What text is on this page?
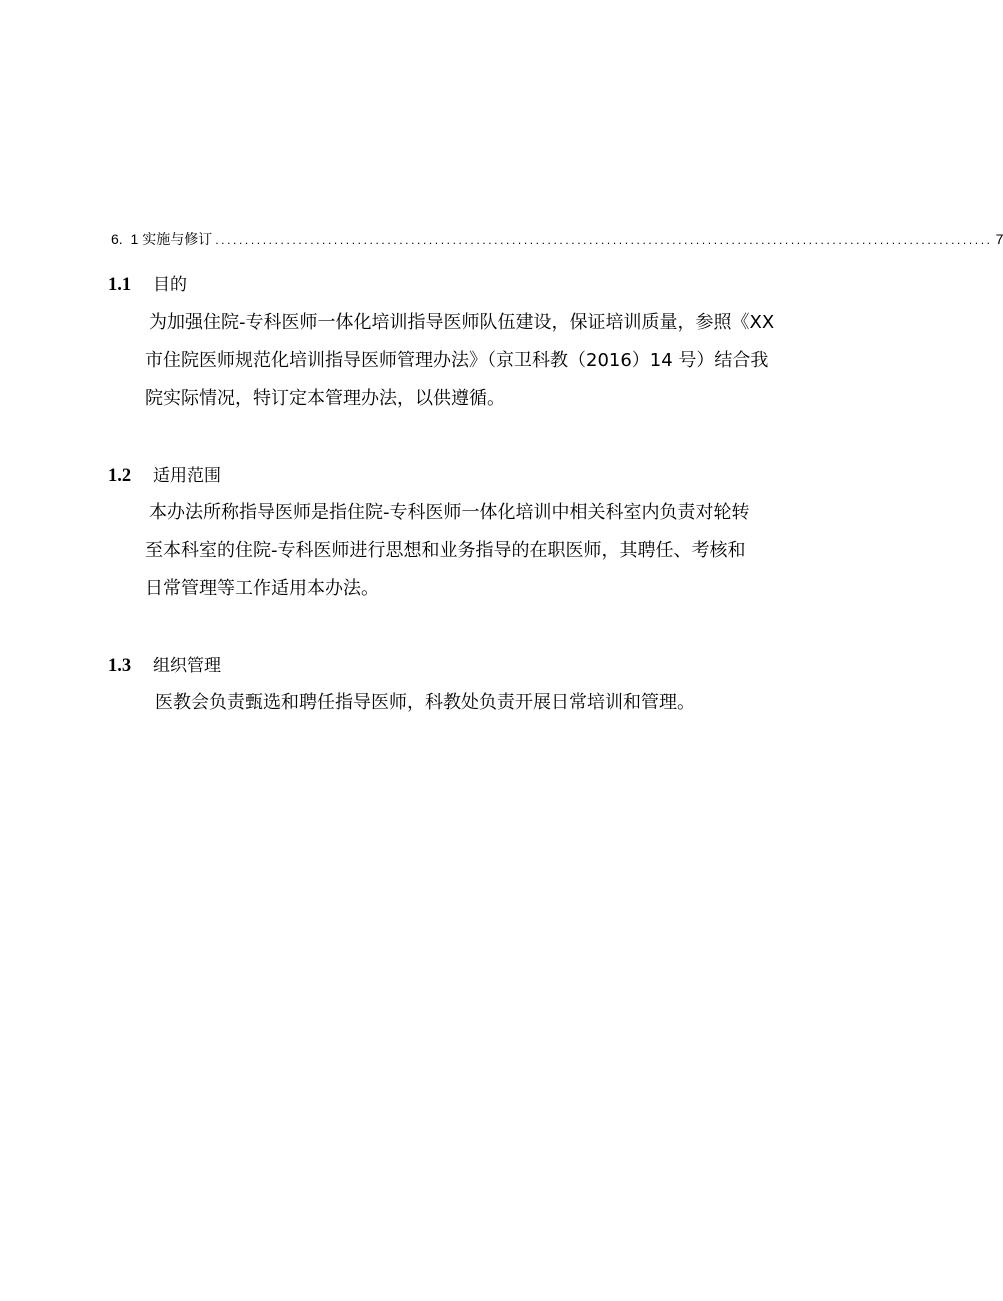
6.  1 实施与修订 ................................................................................................................................... 7
1.1	目的

为加强住院-专科医师一体化培训指导医师队伍建设，保证培训质量，参照《XX
市住院医师规范化培训指导医师管理办法》（京卫科教（2016）14 号）结合我
院实际情况，特订定本管理办法，以供遵循。

1.2	适用范围

本办法所称指导医师是指住院-专科医师一体化培训中相关科室内负责对轮转
至本科室的住院-专科医师进行思想和业务指导的在职医师，其聘任、考核和
日常管理等工作适用本办法。

1.3	组织管理

医教会负责甄选和聘任指导医师，科教处负责开展日常培训和管理。
